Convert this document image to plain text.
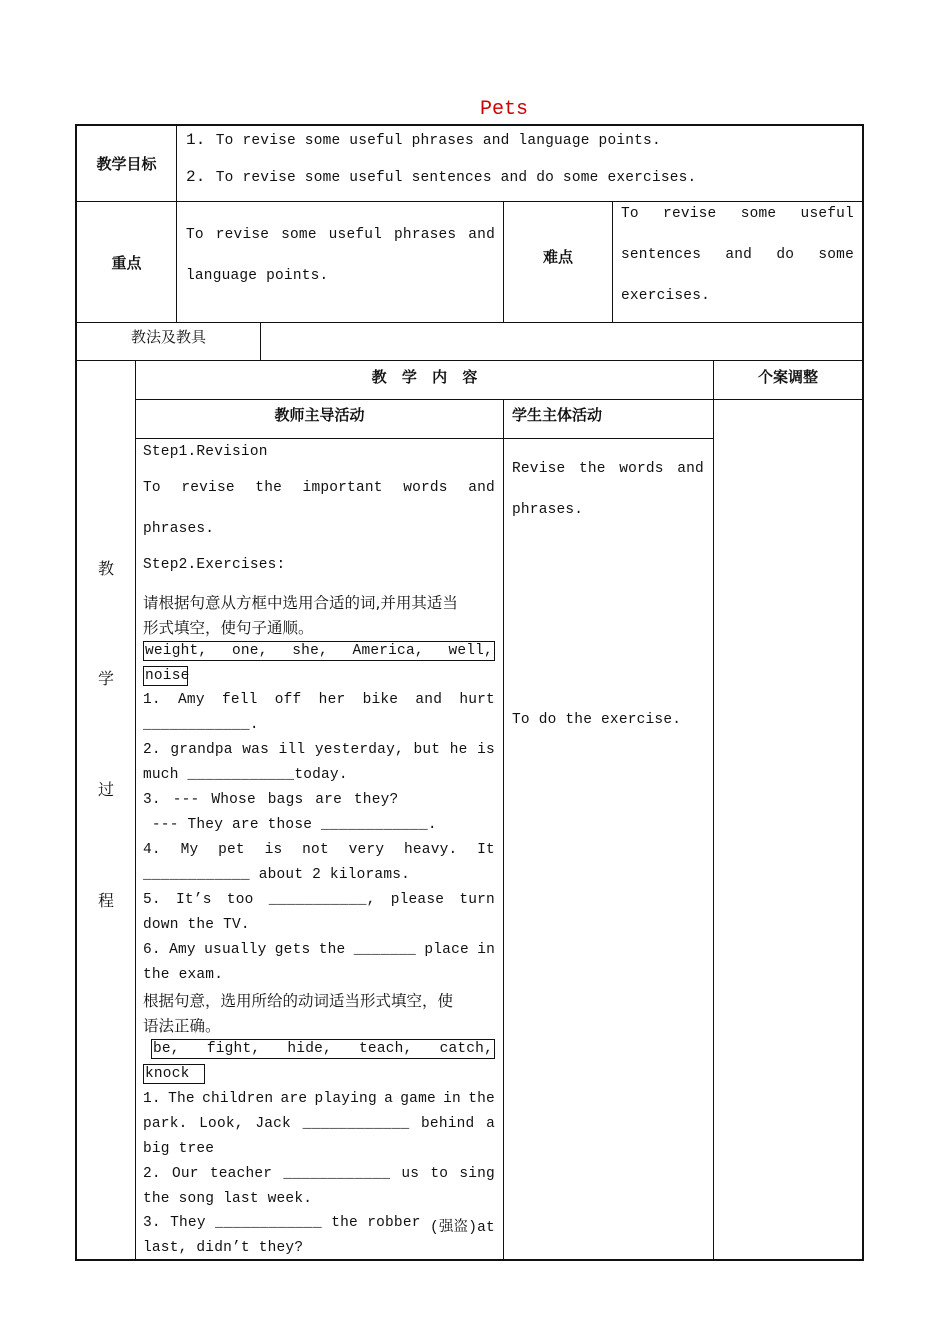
Pets
教学目标
1. To revise some useful phrases and language points.
2. To revise some useful sentences and do some exercises.
重点
To revise some useful phrases and
language points.
难点
To revise some useful
sentences and do some
exercises.
教法及教具
教
学
过
程
教 学 内 容	个案调整
教师主导活动	学生主体活动
Step1.Revision
To revise the important words and
phrases.
Step2.Exercises:
请根据句意从方框中选用合适的词,并用其适当
形式填空，使句子通顺。
weight, one, she, America, well,
noise
1. Amy fell off her bike and hurt
____________.
2. grandpa was ill yesterday, but he is
much ____________today.
3. --- Whose bags are they?
--- They are those ____________.
4. My pet is not very heavy. It
____________ about 2 kilorams.
5. It’s too ___________, please turn
down the TV.
6. Amy usually gets the _______ place in
the exam.
根据句意，选用所给的动词适当形式填空，使
语法正确。
be, fight, hide, teach, catch,
knock
1. The children are playing a game in the
park. Look, Jack ____________ behind a
big tree
2. Our teacher ____________ us to sing
the song last week.
3. They ____________ the robber (强盗)at
last, didn’t they?
Revise the words and
phrases.
To do the exercise.
